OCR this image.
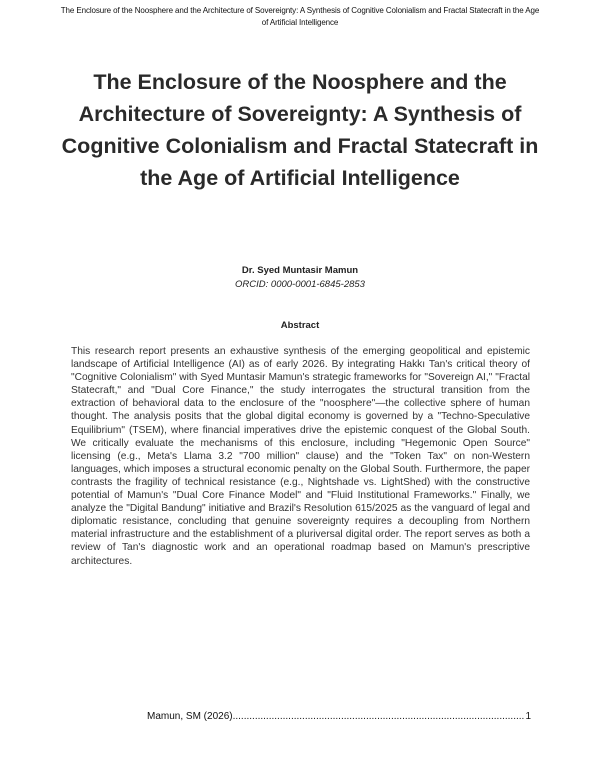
The Enclosure of the Noosphere and the Architecture of Sovereignty: A Synthesis of Cognitive Colonialism and Fractal Statecraft in the Age of Artificial Intelligence
The Enclosure of the Noosphere and the Architecture of Sovereignty: A Synthesis of Cognitive Colonialism and Fractal Statecraft in the Age of Artificial Intelligence
Dr. Syed Muntasir Mamun
ORCID: 0000-0001-6845-2853
Abstract

This research report presents an exhaustive synthesis of the emerging geopolitical and epistemic landscape of Artificial Intelligence (AI) as of early 2026. By integrating Hakkı Tan's critical theory of "Cognitive Colonialism" with Syed Muntasir Mamun's strategic frameworks for "Sovereign AI," "Fractal Statecraft," and "Dual Core Finance," the study interrogates the structural transition from the extraction of behavioral data to the enclosure of the "noosphere"—the collective sphere of human thought. The analysis posits that the global digital economy is governed by a "Techno-Speculative Equilibrium" (TSEM), where financial imperatives drive the epistemic conquest of the Global South. We critically evaluate the mechanisms of this enclosure, including "Hegemonic Open Source" licensing (e.g., Meta's Llama 3.2 "700 million" clause) and the "Token Tax" on non-Western languages, which imposes a structural economic penalty on the Global South. Furthermore, the paper contrasts the fragility of technical resistance (e.g., Nightshade vs. LightShed) with the constructive potential of Mamun's "Dual Core Finance Model" and "Fluid Institutional Frameworks." Finally, we analyze the "Digital Bandung" initiative and Brazil's Resolution 615/2025 as the vanguard of legal and diplomatic resistance, concluding that genuine sovereignty requires a decoupling from Northern material infrastructure and the establishment of a pluriversal digital order. The report serves as both a review of Tan's diagnostic work and an operational roadmap based on Mamun's prescriptive architectures.

Mamun, SM (2026)
.....	1
